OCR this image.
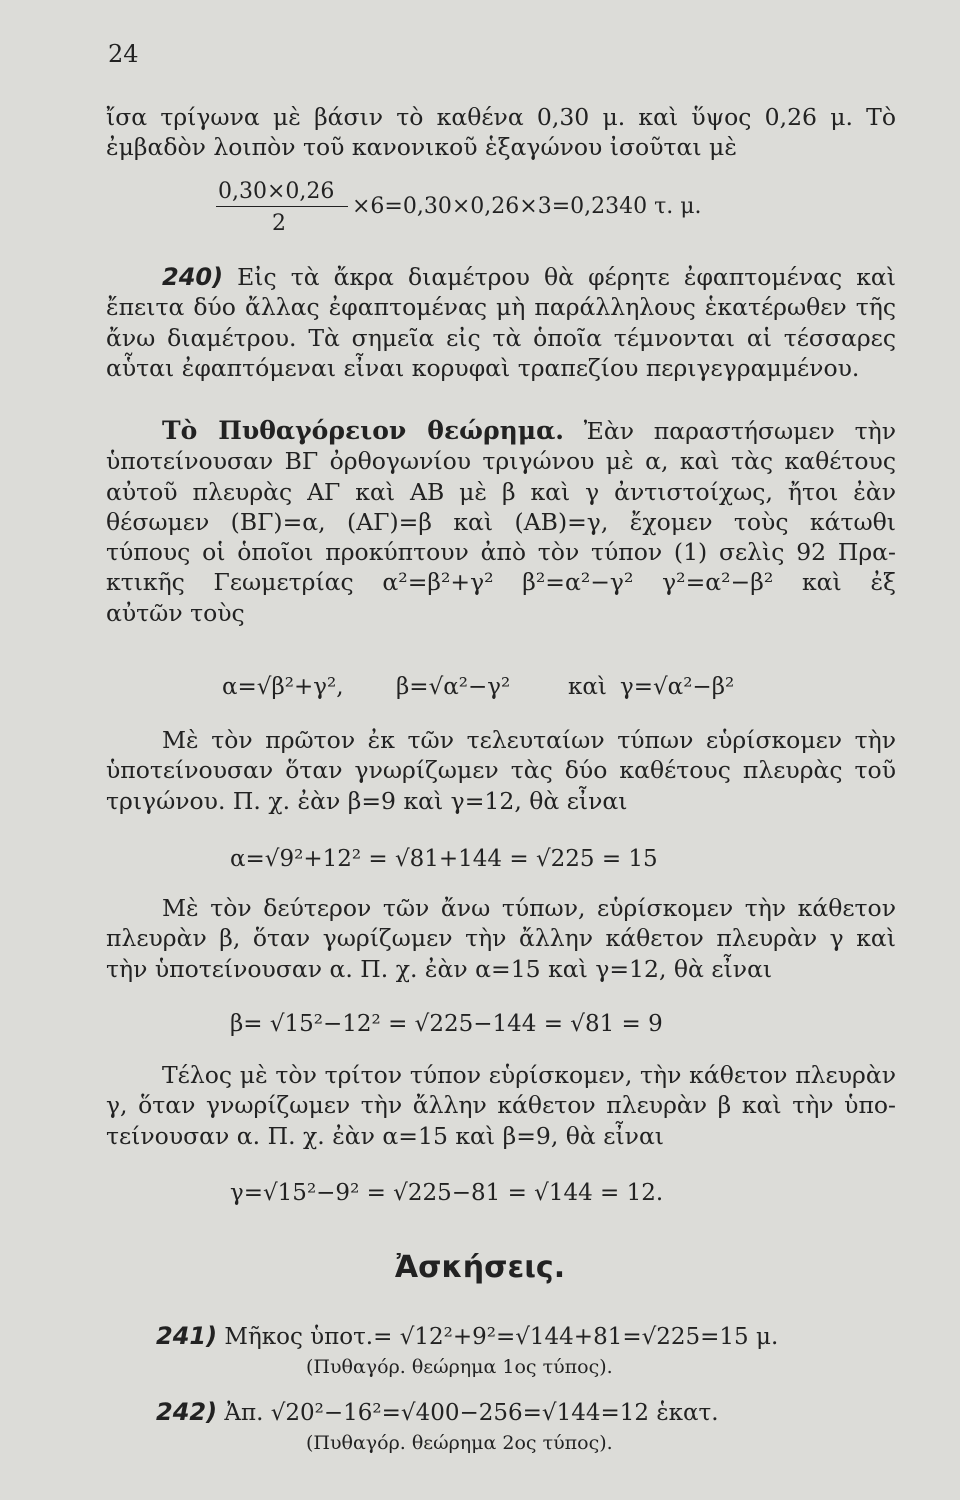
24
ἴσα τρίγωνα μὲ βάσιν τὸ καθένα 0,30 μ. καὶ ὕψος 0,26 μ. Τὸ
ἐμβαδὸν λοιπὸν τοῦ κανονικοῦ ἑξαγώνου ἰσοῦται μὲ
0,30×0,26
2
×6=0,30×0,26×3=0,2340 τ. μ.
240) Εἰς τὰ ἄκρα διαμέτρου θὰ φέρητε ἐφαπτομένας καὶ
ἔπειτα δύο ἄλλας ἐφαπτομένας μὴ παράλληλους ἑκατέρωθεν τῆς
ἄνω διαμέτρου. Τὰ σημεῖα εἰς τὰ ὁποῖα τέμνονται αἱ τέσσαρες
αὗται ἐφαπτόμεναι εἶναι κορυφαὶ τραπεζίου περιγεγραμμένου.
Τὸ Πυθαγόρειον θεώρημα. Ἐὰν παραστήσωμεν τὴν
ὑποτείνουσαν ΒΓ ὀρθογωνίου τριγώνου μὲ α, καὶ τὰς καθέτους
αὐτοῦ πλευρὰς ΑΓ καὶ ΑΒ μὲ β καὶ γ ἀντιστοίχως, ἤτοι ἐὰν
θέσωμεν (ΒΓ)=α, (ΑΓ)=β καὶ (ΑΒ)=γ, ἔχομεν τοὺς κάτωθι
τύπους οἱ ὁποῖοι προκύπτουν ἀπὸ τὸν τύπον (1) σελὶς 92 Πρα-
κτικῆς Γεωμετρίας α²=β²+γ² β²=α²−γ² γ²=α²−β² καὶ ἐξ
αὐτῶν τοὺς
α=√β²+γ², β=√α²−γ²	καὶ γ=√α²−β²
Μὲ τὸν πρῶτον ἐκ τῶν τελευταίων τύπων εὑρίσκομεν τὴν
ὑποτείνουσαν ὅταν γνωρίζωμεν τὰς δύο καθέτους πλευρὰς τοῦ
τριγώνου. Π. χ. ἐὰν β=9 καὶ γ=12, θὰ εἶναι
α=√9²+12² = √81+144 = √225 = 15
Μὲ τὸν δεύτερον τῶν ἄνω τύπων, εὑρίσκομεν τὴν κάθετον
πλευρὰν β, ὅταν γωρίζωμεν τὴν ἄλλην κάθετον πλευρὰν γ καὶ
τὴν ὑποτείνουσαν α. Π. χ. ἐὰν α=15 καὶ γ=12, θὰ εἶναι
β= √15²−12² = √225−144 = √81 = 9
Τέλος μὲ τὸν τρίτον τύπον εὑρίσκομεν, τὴν κάθετον πλευρὰν
γ, ὅταν γνωρίζωμεν τὴν ἄλλην κάθετον πλευρὰν β καὶ τὴν ὑπο-
τείνουσαν α. Π. χ. ἐὰν α=15 καὶ β=9, θὰ εἶναι
γ=√15²−9² = √225−81 = √144 = 12.
Ἀσκήσεις.
241) Μῆκος ὑποτ.= √12²+9²=√144+81=√225=15 μ.
(Πυθαγόρ. θεώρημα 1ος τύπος).
242) Ἀπ. √20²−16²=√400−256=√144=12 ἑκατ.
(Πυθαγόρ. θεώρημα 2ος τύπος).
